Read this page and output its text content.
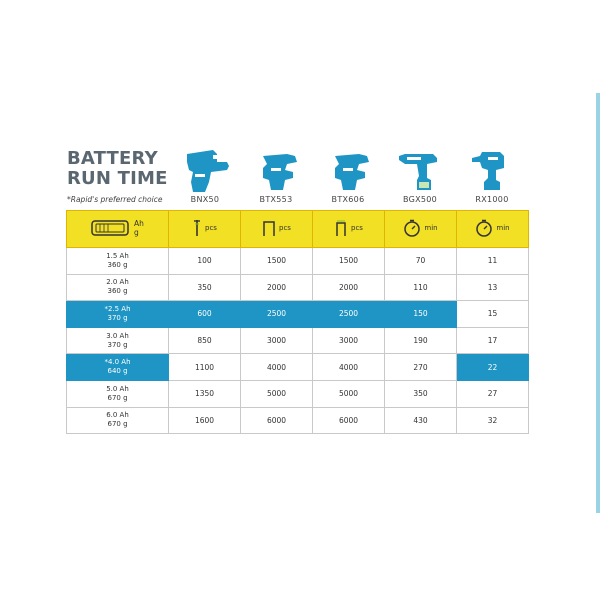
BATTERY
RUN TIME
*Rapid's preferred choice	BNX50	BTX553	BTX606	BGX500	RX1000
Ah
g	pcs	pcs	pcs	min	min

1.5 Ah
360 g	100	1500	1500	70	11
2.0 Ah
360 g	350	2000	2000	110	13
*2.5 Ah
370 g	600	2500	2500	150	15
3.0 Ah
370 g	850	3000	3000	190	17
*4.0 Ah
640 g	1100	4000	4000	270	22
5.0 Ah
670 g	1350	5000	5000	350	27
6.0 Ah
670 g	1600	6000	6000	430	32
